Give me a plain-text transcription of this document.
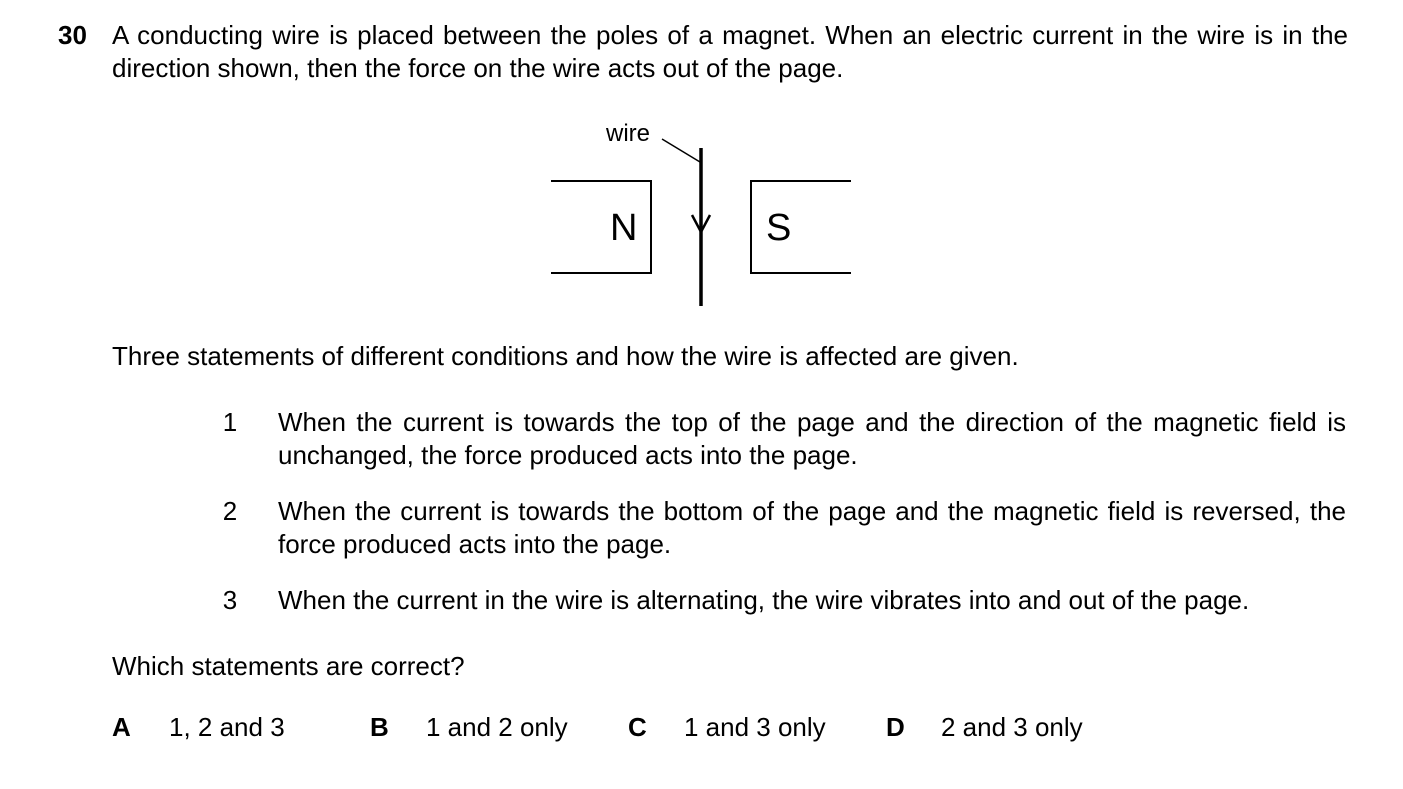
30 A conducting wire is placed between the poles of a magnet. When an electric current in the wire is in the direction shown, then the force on the wire acts out of the page.
wire
N	S
Three statements of different conditions and how the wire is affected are given.
1	When the current is towards the top of the page and the direction of the magnetic field is unchanged, the force produced acts into the page.
2	When the current is towards the bottom of the page and the magnetic field is reversed, the force produced acts into the page.
3	When the current in the wire is alternating, the wire vibrates into and out of the page.
Which statements are correct?
A 1, 2 and 3	B 1 and 2 only C 1 and 3 only D 2 and 3 only
